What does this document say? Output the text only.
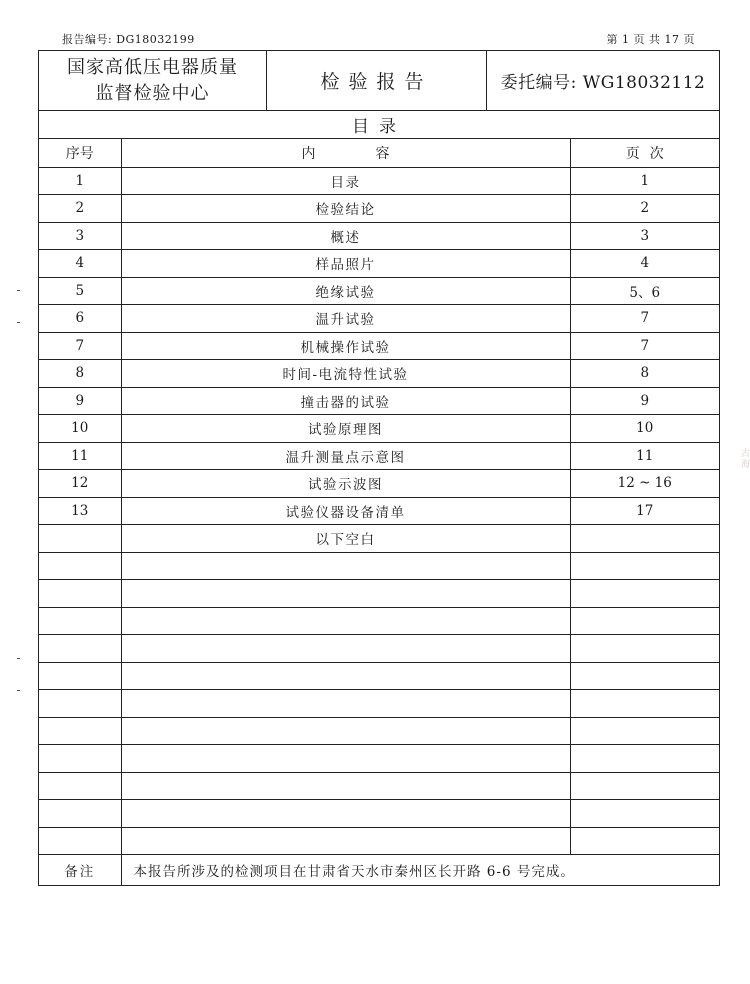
报告编号: DG18032199	第 1 页 共 17 页
国家高低压电器质量
监督检验中心	检验报告	委托编号: WG18032112
目录
序号	内容	页次
1	目录	1
2	检验结论	2
3	概述	3
4	样品照片	4
5	绝缘试验	5、6
6	温升试验	7
7	机械操作试验	7
8	时间-电流特性试验	8
9	撞击器的试验	9
10	试验原理图	10
11	温升测量点示意图	11
12	试验示波图	12 ~ 16
13	试验仪器设备清单	17
	以下空白	

备注	本报告所涉及的检测项目在甘肃省天水市秦州区长开路 6-6 号完成。	
古海
